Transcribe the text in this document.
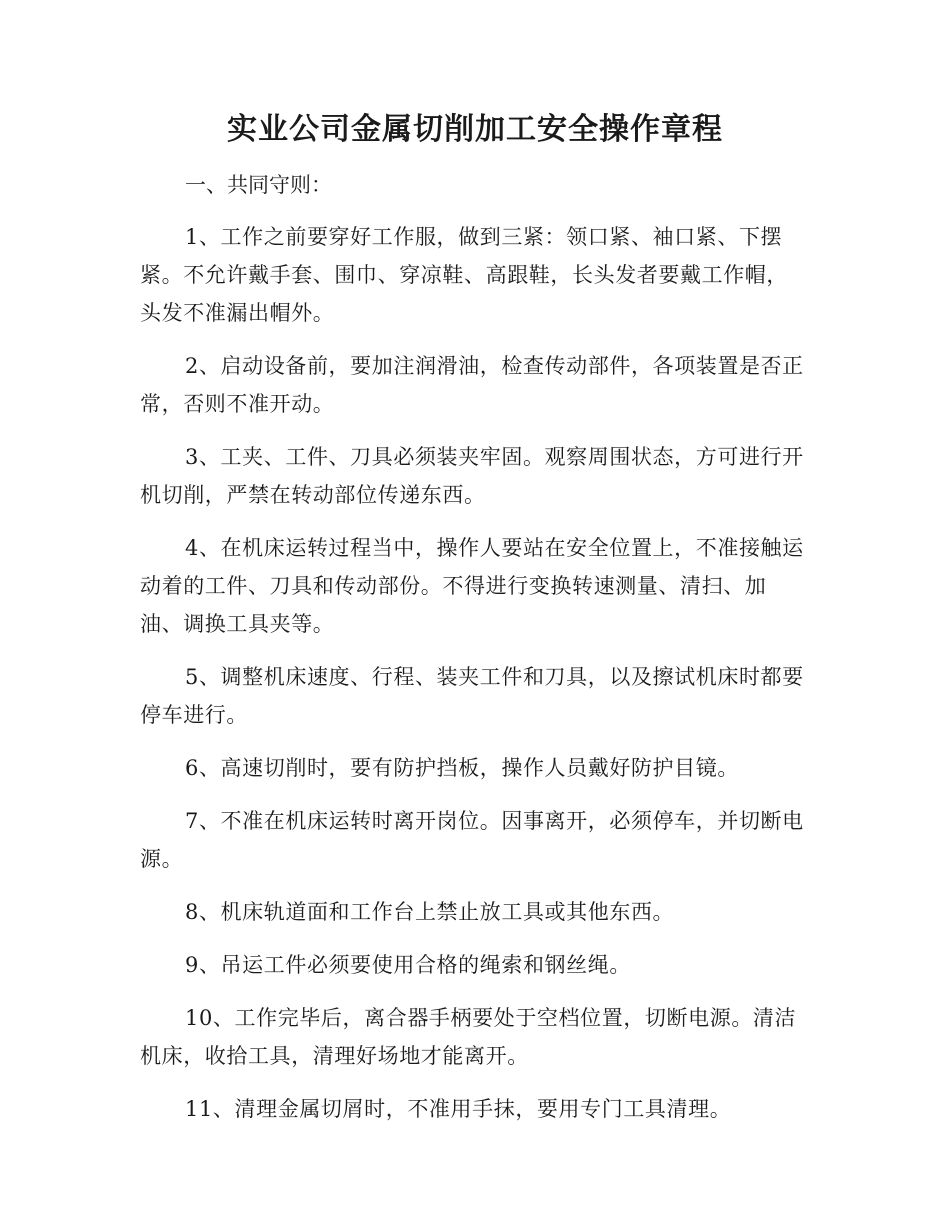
实业公司金属切削加工安全操作章程

一、共同守则：

1、工作之前要穿好工作服，做到三紧：领口紧、袖口紧、下摆
紧。不允许戴手套、围巾、穿凉鞋、高跟鞋，长头发者要戴工作帽，
头发不准漏出帽外。

2、启动设备前，要加注润滑油，检查传动部件，各项装置是否正
常，否则不准开动。

3、工夹、工件、刀具必须装夹牢固。观察周围状态，方可进行开
机切削，严禁在转动部位传递东西。

4、在机床运转过程当中，操作人要站在安全位置上，不准接触运
动着的工件、刀具和传动部份。不得进行变换转速测量、清扫、加
油、调换工具夹等。

5、调整机床速度、行程、装夹工件和刀具，以及擦试机床时都要
停车进行。

6、高速切削时，要有防护挡板，操作人员戴好防护目镜。

7、不准在机床运转时离开岗位。因事离开，必须停车，并切断电
源。

8、机床轨道面和工作台上禁止放工具或其他东西。

9、吊运工件必须要使用合格的绳索和钢丝绳。

10、工作完毕后，离合器手柄要处于空档位置，切断电源。清洁
机床，收拾工具，清理好场地才能离开。

11、清理金属切屑时，不准用手抹，要用专门工具清理。
